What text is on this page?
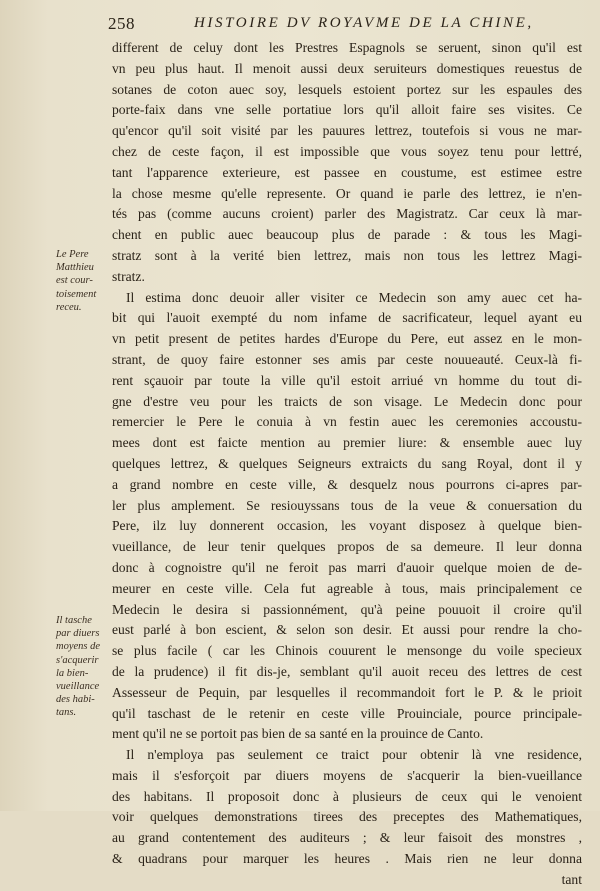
258	HISTOIRE DV ROYAVME DE LA CHINE,
Le Pere
Matthieu
est cour-
toisement
receu.
Il tasche
par diuers
moyens de
s'acquerir
la bien-
vueillance
des habi-
tans.
different de celuy dont les Prestres Espagnols se seruent, sinon qu'il est
vn peu plus haut. Il menoit aussi deux seruiteurs domestiques reuestus de
sotanes de coton auec soy, lesquels estoient portez sur les espaules des
porte-faix dans vne selle portatiue lors qu'il alloit faire ses visites. Ce
qu'encor qu'il soit visité par les pauures lettrez, toutefois si vous ne mar-
chez de ceste façon, il est impossible que vous soyez tenu pour lettré,
tant l'apparence exterieure, est passee en coustume, est estimee estre
la chose mesme qu'elle represente. Or quand ie parle des lettrez, ie n'en-
tés pas (comme aucuns croient) parler des Magistratz. Car ceux là mar-
chent en public auec beaucoup plus de parade : & tous les Magi-
stratz sont à la verité bien lettrez, mais non tous les lettrez Magi-
stratz.
Il estima donc deuoir aller visiter ce Medecin son amy auec cet ha-
bit qui l'auoit exempté du nom infame de sacrificateur, lequel ayant eu
vn petit present de petites hardes d'Europe du Pere, eut assez en le mon-
strant, de quoy faire estonner ses amis par ceste nouueauté. Ceux-là fi-
rent sçauoir par toute la ville qu'il estoit arriué vn homme du tout di-
gne d'estre veu pour les traicts de son visage. Le Medecin donc pour
remercier le Pere le conuia à vn festin auec les ceremonies accoustu-
mees dont est faicte mention au premier liure: & ensemble auec luy
quelques lettrez, & quelques Seigneurs extraicts du sang Royal, dont il y
a grand nombre en ceste ville, & desquelz nous pourrons ci-apres par-
ler plus amplement. Se resiouyssans tous de la veue & conuersation du
Pere, ilz luy donnerent occasion, les voyant disposez à quelque bien-
vueillance, de leur tenir quelques propos de sa demeure. Il leur donna
donc à cognoistre qu'il ne feroit pas marri d'auoir quelque moien de de-
meurer en ceste ville. Cela fut agreable à tous, mais principalement ce
Medecin le desira si passionnément, qu'à peine pouuoit il croire qu'il
eust parlé à bon escient, & selon son desir. Et aussi pour rendre la cho-
se plus facile ( car les Chinois couurent le mensonge du voile specieux
de la prudence) il fit dis-je, semblant qu'il auoit receu des lettres de cest
Assesseur de Pequin, par lesquelles il recommandoit fort le P. & le prioit
qu'il taschast de le retenir en ceste ville Prouinciale, pource principale-
ment qu'il ne se portoit pas bien de sa santé en la prouince de Canto.
Il n'employa pas seulement ce traict pour obtenir là vne residence,
mais il s'esforçoit par diuers moyens de s'acquerir la bien-vueillance
des habitans. Il proposoit donc à plusieurs de ceux qui le venoient
voir quelques demonstrations tirees des preceptes des Mathematiques,
au grand contentement des auditeurs ; & leur faisoit des monstres ,
& quadrans pour marquer les heures . Mais rien ne leur donna
tant
